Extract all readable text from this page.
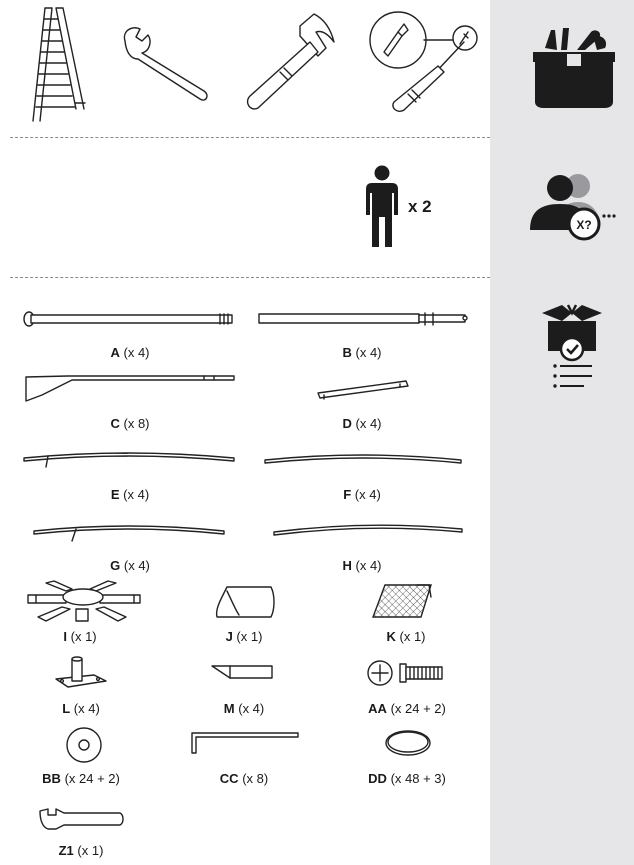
x 2
X?
A (x 4)	B (x 4)
C (x 8)	D (x 4)
E (x 4)	F (x 4)
G (x 4)	H (x 4)
I (x 1)	J (x 1)	K (x 1)
L (x 4)	M (x 4)	AA (x 24 + 2)
BB (x 24 + 2)	CC (x 8)	DD (x 48 + 3)
Z1 (x 1)
